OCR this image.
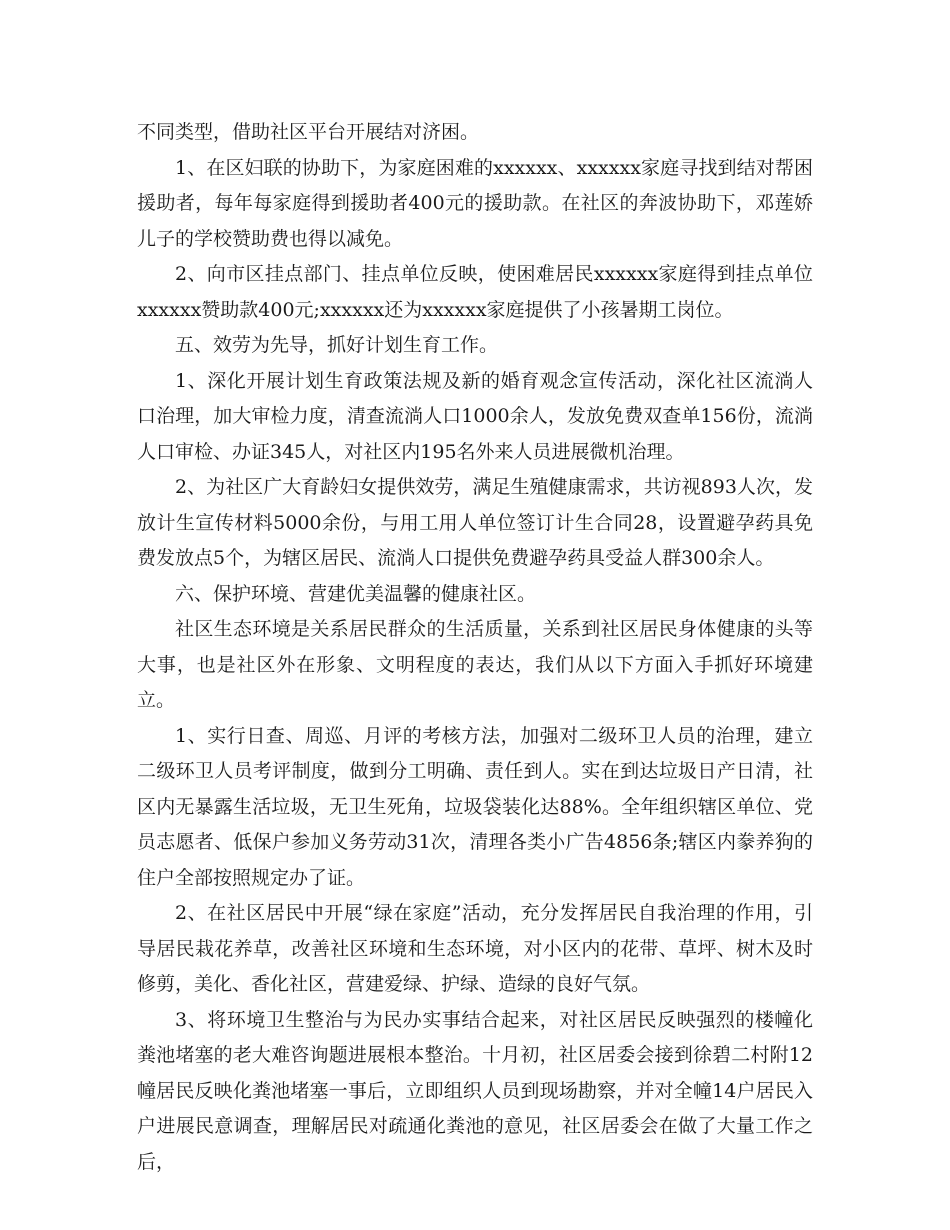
不同类型，借助社区平台开展结对济困。

1、在区妇联的协助下，为家庭困难的xxxxxx、xxxxxx家庭寻找到结对帮困援助者，每年每家庭得到援助者400元的援助款。在社区的奔波协助下，邓莲娇儿子的学校赞助费也得以减免。

2、向市区挂点部门、挂点单位反映，使困难居民xxxxxx家庭得到挂点单位xxxxxx赞助款400元;xxxxxx还为xxxxxx家庭提供了小孩暑期工岗位。

五、效劳为先导，抓好计划生育工作。

1、深化开展计划生育政策法规及新的婚育观念宣传活动，深化社区流淌人口治理，加大审检力度，清查流淌人口1000余人，发放免费双查单156份，流淌人口审检、办证345人，对社区内195名外来人员进展微机治理。

2、为社区广大育龄妇女提供效劳，满足生殖健康需求，共访视893人次，发放计生宣传材料5000余份，与用工用人单位签订计生合同28，设置避孕药具免费发放点5个，为辖区居民、流淌人口提供免费避孕药具受益人群300余人。

六、保护环境、营建优美温馨的健康社区。

社区生态环境是关系居民群众的生活质量，关系到社区居民身体健康的头等大事，也是社区外在形象、文明程度的表达，我们从以下方面入手抓好环境建立。

1、实行日查、周巡、月评的考核方法，加强对二级环卫人员的治理，建立二级环卫人员考评制度，做到分工明确、责任到人。实在到达垃圾日产日清，社区内无暴露生活垃圾，无卫生死角，垃圾袋装化达88%。全年组织辖区单位、党员志愿者、低保户参加义务劳动31次，清理各类小广告4856条;辖区内豢养狗的住户全部按照规定办了证。

2、在社区居民中开展“绿在家庭”活动，充分发挥居民自我治理的作用，引导居民栽花养草，改善社区环境和生态环境，对小区内的花带、草坪、树木及时修剪，美化、香化社区，营建爱绿、护绿、造绿的良好气氛。

3、将环境卫生整治与为民办实事结合起来，对社区居民反映强烈的楼幢化粪池堵塞的老大难咨询题进展根本整治。十月初，社区居委会接到徐碧二村附12幢居民反映化粪池堵塞一事后，立即组织人员到现场勘察，并对全幢14户居民入户进展民意调查，理解居民对疏通化粪池的意见，社区居委会在做了大量工作之后，
